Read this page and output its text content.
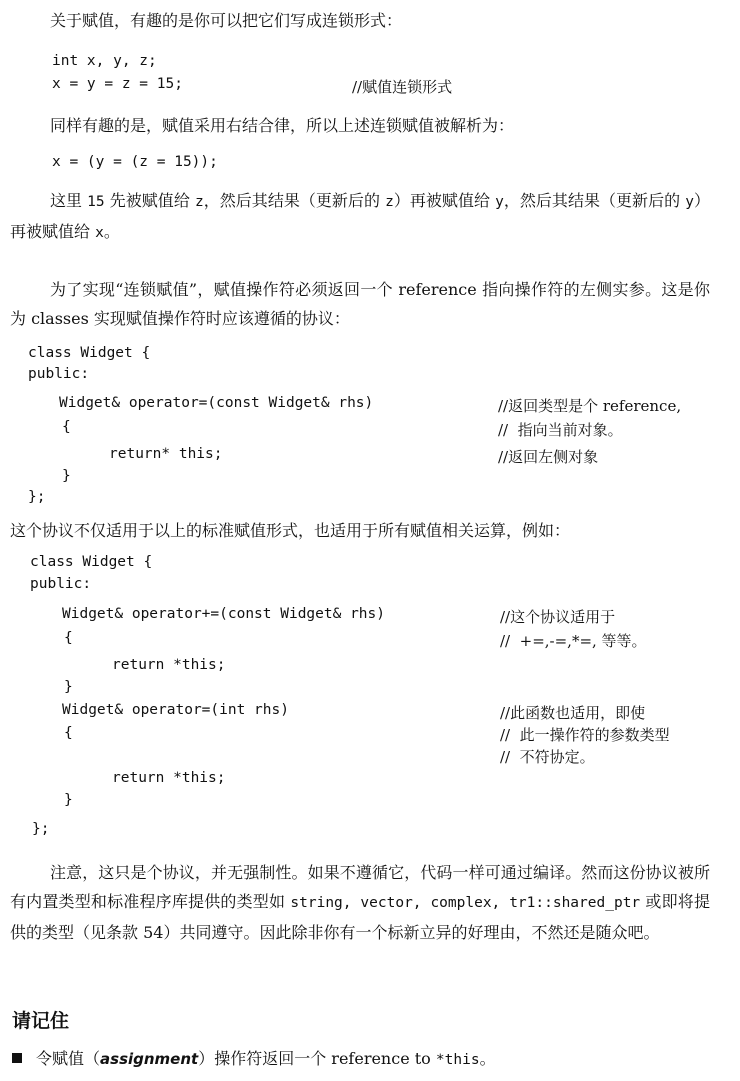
关于赋值，有趣的是你可以把它们写成连锁形式：

int x, y, z;
x = y = z = 15;	//赋值连锁形式

同样有趣的是，赋值采用右结合律，所以上述连锁赋值被解析为：

x = (y = (z = 15));

这里 15 先被赋值给 z，然后其结果（更新后的 z）再被赋值给 y，然后其结果（更新后的 y）再被赋值给 x。

为了实现“连锁赋值”，赋值操作符必须返回一个 reference 指向操作符的左侧实参。这是你为 classes 实现赋值操作符时应该遵循的协议：

class Widget {
public:
Widget& operator=(const Widget& rhs)	//返回类型是个 reference,
{	//  指向当前对象。
return* this;	//返回左侧对象
}
};

这个协议不仅适用于以上的标准赋值形式，也适用于所有赋值相关运算，例如：

class Widget {
public:
Widget& operator+=(const Widget& rhs)	//这个协议适用于
{	//  +=,-=,*=, 等等。
return *this;
}
Widget& operator=(int rhs)	//此函数也适用，即使
{	//  此一操作符的参数类型
//  不符协定。
return *this;
}
};

注意，这只是个协议，并无强制性。如果不遵循它，代码一样可通过编译。然而这份协议被所有内置类型和标准程序库提供的类型如 string, vector, complex, tr1::shared_ptr 或即将提供的类型（见条款 54）共同遵守。因此除非你有一个标新立异的好理由，不然还是随众吧。

请记住
令赋值（assignment）操作符返回一个 reference to *this。
